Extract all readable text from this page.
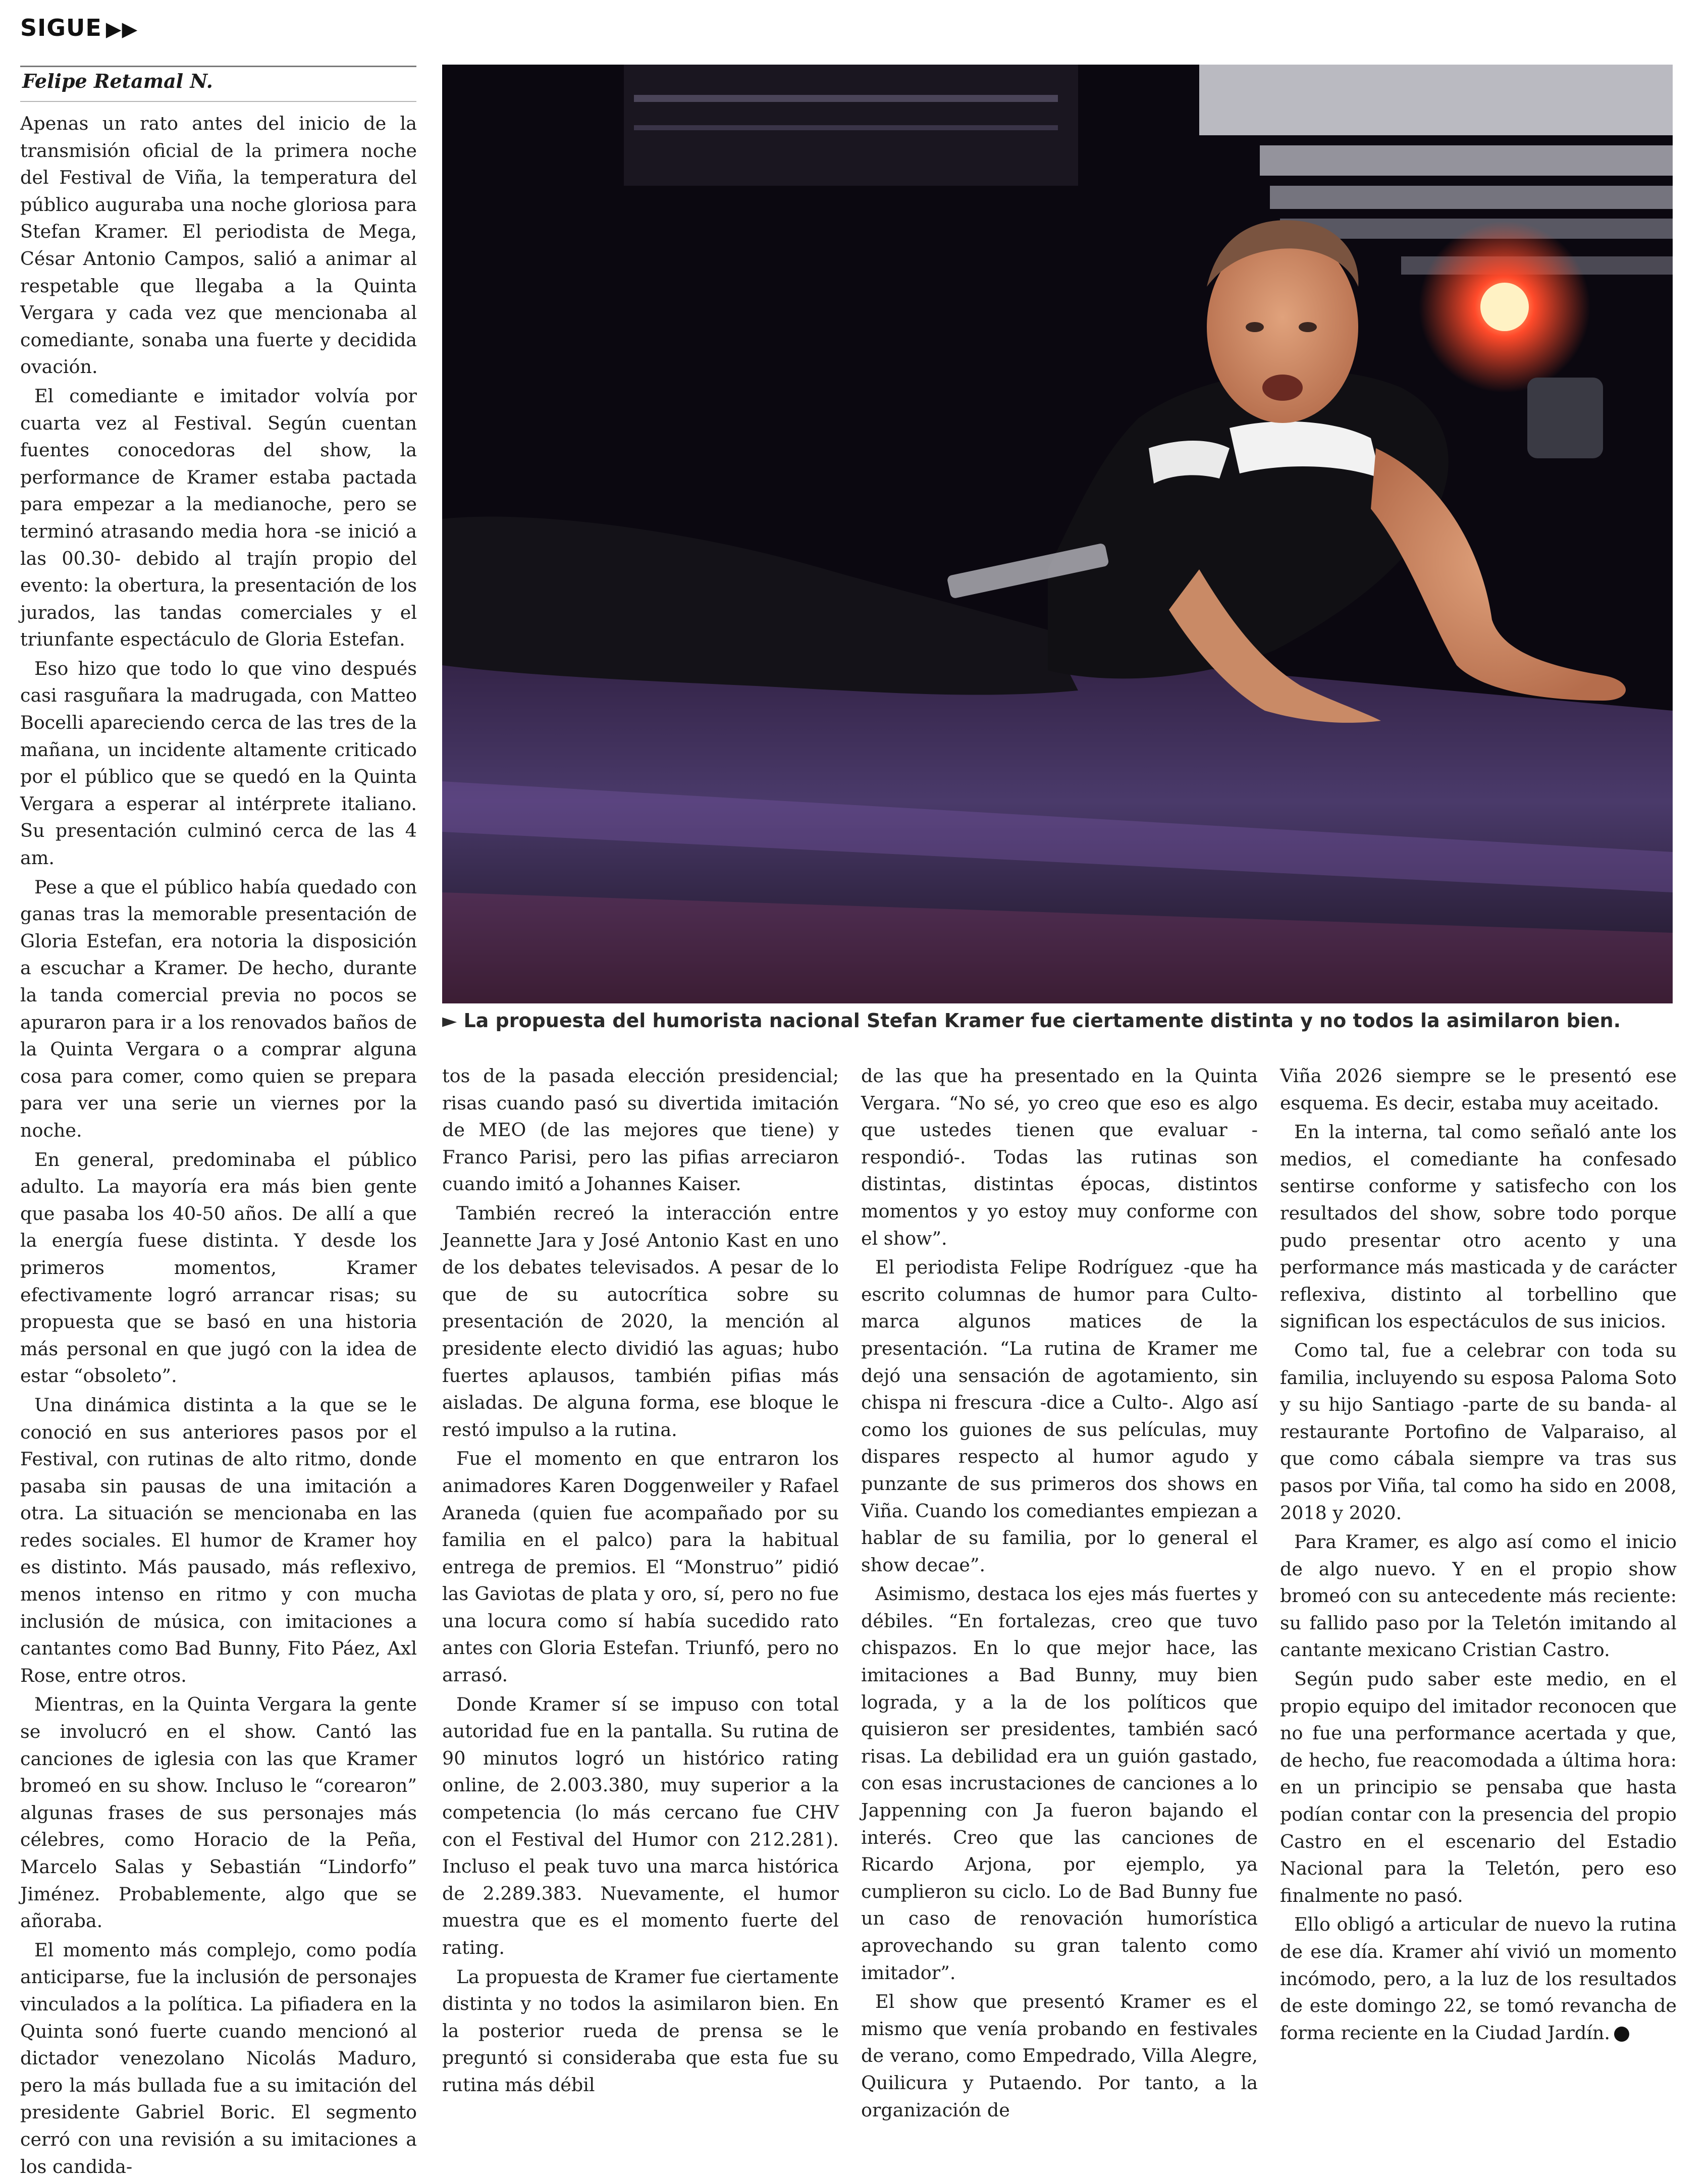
SIGUE ▶▶
Felipe Retamal N.
► La propuesta del humorista nacional Stefan Kramer fue ciertamente distinta y no todos la asimilaron bien.

Apenas un rato antes del inicio de la transmisión oficial de la primera noche del Festival de Viña, la temperatura del público auguraba una noche gloriosa para Stefan Kramer. El periodista de Mega, César Antonio Campos, salió a animar al respetable que llegaba a la Quinta Vergara y cada vez que mencionaba al comediante, sonaba una fuerte y decidida ovación.

El comediante e imitador volvía por cuarta vez al Festival. Según cuentan fuentes conocedoras del show, la performance de Kramer estaba pactada para empezar a la medianoche, pero se terminó atrasando media hora -se inició a las 00.30- debido al trajín propio del evento: la obertura, la presentación de los jurados, las tandas comerciales y el triunfante espectáculo de Gloria Estefan.

Eso hizo que todo lo que vino después casi rasguñara la madrugada, con Matteo Bocelli apareciendo cerca de las tres de la mañana, un incidente altamente criticado por el público que se quedó en la Quinta Vergara a esperar al intérprete italiano. Su presentación culminó cerca de las 4 am.

Pese a que el público había quedado con ganas tras la memorable presentación de Gloria Estefan, era notoria la disposición a escuchar a Kramer. De hecho, durante la tanda comercial previa no pocos se apuraron para ir a los renovados baños de la Quinta Vergara o a comprar alguna cosa para comer, como quien se prepara para ver una serie un viernes por la noche.

En general, predominaba el público adulto. La mayoría era más bien gente que pasaba los 40-50 años. De allí a que la energía fuese distinta. Y desde los primeros momentos, Kramer efectivamente logró arrancar risas; su propuesta que se basó en una historia más personal en que jugó con la idea de estar “obsoleto”.

Una dinámica distinta a la que se le conoció en sus anteriores pasos por el Festival, con rutinas de alto ritmo, donde pasaba sin pausas de una imitación a otra. La situación se mencionaba en las redes sociales. El humor de Kramer hoy es distinto. Más pausado, más reflexivo, menos intenso en ritmo y con mucha inclusión de música, con imitaciones a cantantes como Bad Bunny, Fito Páez, Axl Rose, entre otros.

Mientras, en la Quinta Vergara la gente se involucró en el show. Cantó las canciones de iglesia con las que Kramer bromeó en su show. Incluso le “corearon” algunas frases de sus personajes más célebres, como Horacio de la Peña, Marcelo Salas y Sebastián “Lindorfo” Jiménez. Probablemente, algo que se añoraba.

El momento más complejo, como podía anticiparse, fue la inclusión de personajes vinculados a la política. La pifiadera en la Quinta sonó fuerte cuando mencionó al dictador venezolano Nicolás Maduro, pero la más bullada fue a su imitación del presidente Gabriel Boric. El segmento cerró con una revisión a su imitaciones a los candida-

tos de la pasada elección presidencial; risas cuando pasó su divertida imitación de MEO (de las mejores que tiene) y Franco Parisi, pero las pifias arreciaron cuando imitó a Johannes Kaiser.

También recreó la interacción entre Jeannette Jara y José Antonio Kast en uno de los debates televisados. A pesar de lo que de su autocrítica sobre su presentación de 2020, la mención al presidente electo dividió las aguas; hubo fuertes aplausos, también pifias más aisladas. De alguna forma, ese bloque le restó impulso a la rutina.

Fue el momento en que entraron los animadores Karen Doggenweiler y Rafael Araneda (quien fue acompañado por su familia en el palco) para la habitual entrega de premios. El “Monstruo” pidió las Gaviotas de plata y oro, sí, pero no fue una locura como sí había sucedido rato antes con Gloria Estefan. Triunfó, pero no arrasó.

Donde Kramer sí se impuso con total autoridad fue en la pantalla. Su rutina de 90 minutos logró un histórico rating online, de 2.003.380, muy superior a la competencia (lo más cercano fue CHV con el Festival del Humor con 212.281). Incluso el peak tuvo una marca histórica de 2.289.383. Nuevamente, el humor muestra que es el momento fuerte del rating.

La propuesta de Kramer fue ciertamente distinta y no todos la asimilaron bien. En la posterior rueda de prensa se le preguntó si consideraba que esta fue su rutina más débil

de las que ha presentado en la Quinta Vergara. “No sé, yo creo que eso es algo que ustedes tienen que evaluar -respondió-. Todas las rutinas son distintas, distintas épocas, distintos momentos y yo estoy muy conforme con el show”.

El periodista Felipe Rodríguez -que ha escrito columnas de humor para Culto- marca algunos matices de la presentación. “La rutina de Kramer me dejó una sensación de agotamiento, sin chispa ni frescura -dice a Culto-. Algo así como los guiones de sus películas, muy dispares respecto al humor agudo y punzante de sus primeros dos shows en Viña. Cuando los comediantes empiezan a hablar de su familia, por lo general el show decae”.

Asimismo, destaca los ejes más fuertes y débiles. “En fortalezas, creo que tuvo chispazos. En lo que mejor hace, las imitaciones a Bad Bunny, muy bien lograda, y a la de los políticos que quisieron ser presidentes, también sacó risas. La debilidad era un guión gastado, con esas incrustaciones de canciones a lo Jappenning con Ja fueron bajando el interés. Creo que las canciones de Ricardo Arjona, por ejemplo, ya cumplieron su ciclo. Lo de Bad Bunny fue un caso de renovación humorística aprovechando su gran talento como imitador”.

El show que presentó Kramer es el mismo que venía probando en festivales de verano, como Empedrado, Villa Alegre, Quilicura y Putaendo. Por tanto, a la organización de

Viña 2026 siempre se le presentó ese esquema. Es decir, estaba muy aceitado.

En la interna, tal como señaló ante los medios, el comediante ha confesado sentirse conforme y satisfecho con los resultados del show, sobre todo porque pudo presentar otro acento y una performance más masticada y de carácter reflexiva, distinto al torbellino que significan los espectáculos de sus inicios.

Como tal, fue a celebrar con toda su familia, incluyendo su esposa Paloma Soto y su hijo Santiago -parte de su banda- al restaurante Portofino de Valparaiso, al que como cábala siempre va tras sus pasos por Viña, tal como ha sido en 2008, 2018 y 2020.

Para Kramer, es algo así como el inicio de algo nuevo. Y en el propio show bromeó con su antecedente más reciente: su fallido paso por la Teletón imitando al cantante mexicano Cristian Castro.

Según pudo saber este medio, en el propio equipo del imitador reconocen que no fue una performance acertada y que, de hecho, fue reacomodada a última hora: en un principio se pensaba que hasta podían contar con la presencia del propio Castro en el escenario del Estadio Nacional para la Teletón, pero eso finalmente no pasó.

Ello obligó a articular de nuevo la rutina de ese día. Kramer ahí vivió un momento incómodo, pero, a la luz de los resultados de este domingo 22, se tomó revancha de forma reciente en la Ciudad Jardín.
